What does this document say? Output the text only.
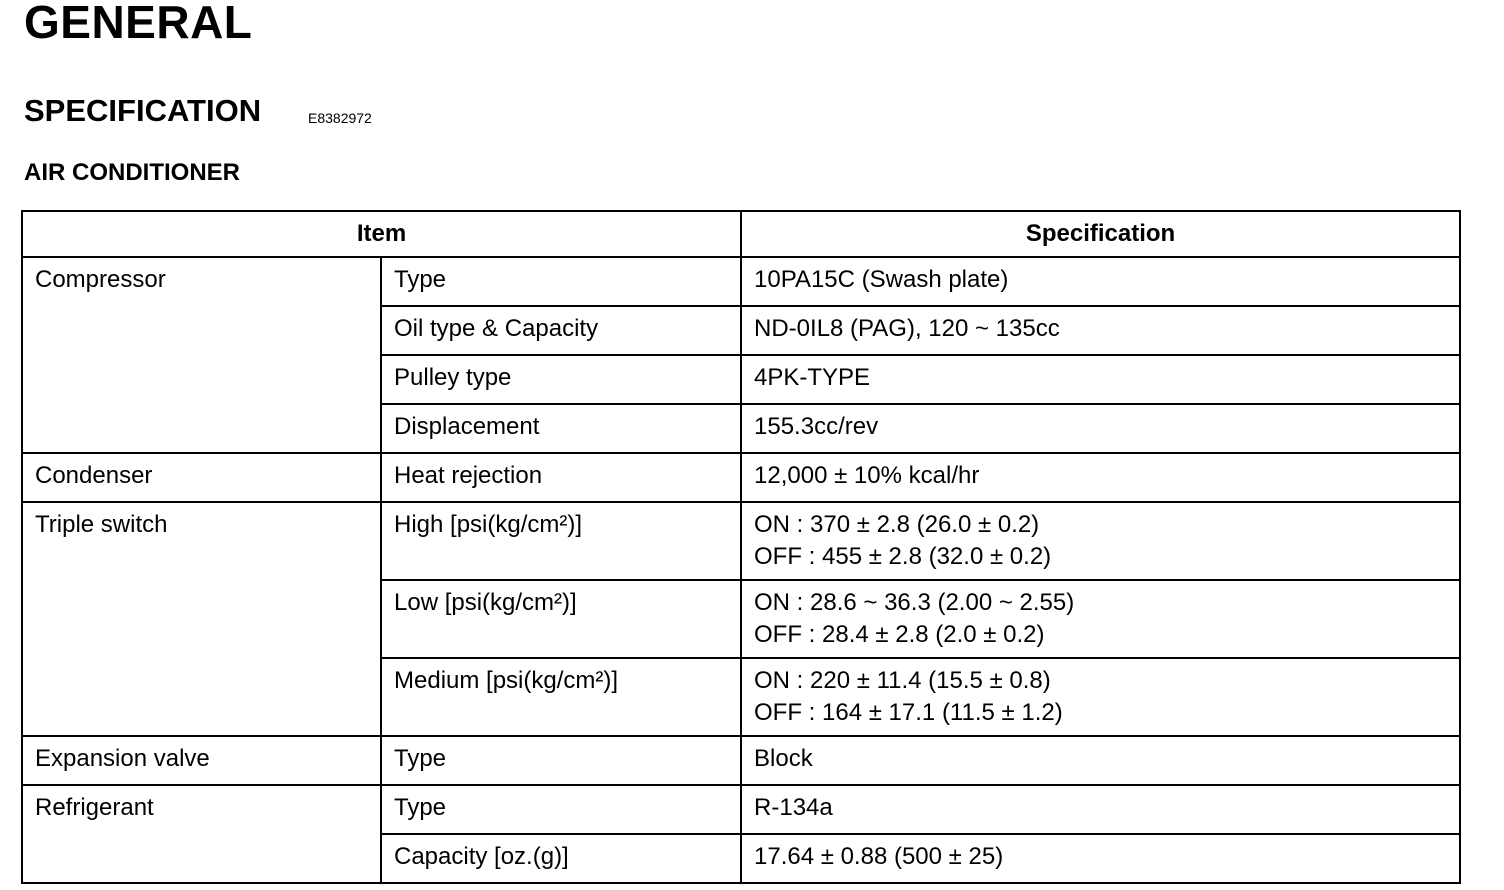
GENERAL
SPECIFICATION	E8382972
AIR CONDITIONER
Item		Specification
Compressor	Type	10PA15C (Swash plate)

	Oil type & Capacity	ND-0IL8 (PAG), 120 ~ 135cc

	Pulley type	4PK-TYPE

	Displacement	155.3cc/rev

Condenser	Heat rejection	12,000 ± 10% kcal/hr

Triple switch	High [psi(kg/cm²)]	ON : 370 ± 2.8 (26.0 ± 0.2)
OFF : 455 ± 2.8 (32.0 ± 0.2)

	Low [psi(kg/cm²)]	ON : 28.6 ~ 36.3 (2.00 ~ 2.55)
OFF : 28.4 ± 2.8 (2.0 ± 0.2)

	Medium [psi(kg/cm²)]	ON : 220 ± 11.4 (15.5 ± 0.8)
OFF : 164 ± 17.1 (11.5 ± 1.2)

Expansion valve	Type	Block

Refrigerant	Type	R-134a

	Capacity [oz.(g)]	17.64 ± 0.88 (500 ± 25)
